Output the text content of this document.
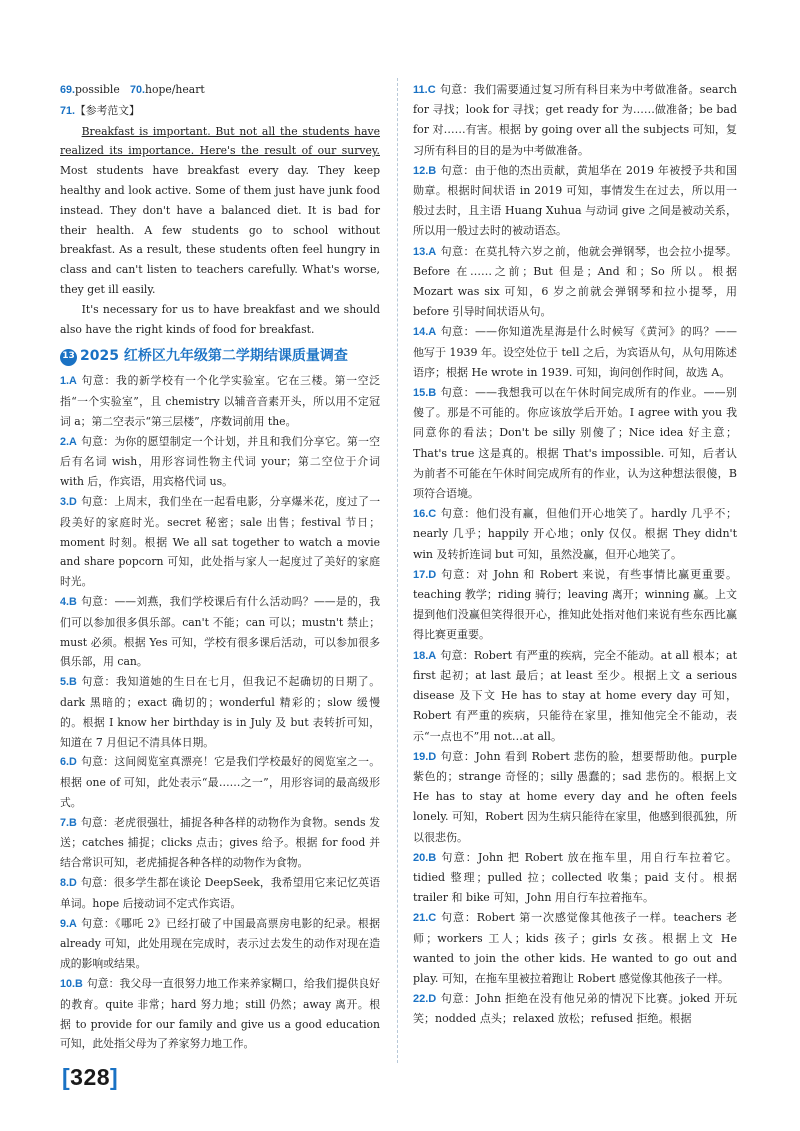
69.possible 70.hope/heart
71.【参考范文】

Breakfast is important. But not all the students have realized its importance. Here's the result of our survey. Most students have breakfast every day. They keep healthy and look active. Some of them just have junk food instead. They don't have a balanced diet. It is bad for their health. A few students go to school without breakfast. As a result, these students often feel hungry in class and can't listen to teachers carefully. What's worse, they get ill easily.

It's necessary for us to have breakfast and we should also have the right kinds of food for breakfast.

13 2025 红桥区九年级第二学期结课质量调查
1.A 句意：我的新学校有一个化学实验室。它在三楼。第一空泛指“一个实验室”，且 chemistry 以辅音音素开头，所以用不定冠词 a；第二空表示“第三层楼”，序数词前用 the。
2.A 句意：为你的愿望制定一个计划，并且和我们分享它。第一空后有名词 wish，用形容词性物主代词 your；第二空位于介词 with 后，作宾语，用宾格代词 us。
3.D 句意：上周末，我们坐在一起看电影，分享爆米花，度过了一段美好的家庭时光。secret 秘密；sale 出售；festival 节日；moment 时刻。根据 We all sat together to watch a movie and share popcorn 可知，此处指与家人一起度过了美好的家庭时光。
4.B 句意：——刘燕，我们学校课后有什么活动吗？——是的，我们可以参加很多俱乐部。can't 不能；can 可以；mustn't 禁止；must 必须。根据 Yes 可知，学校有很多课后活动，可以参加很多俱乐部，用 can。
5.B 句意：我知道她的生日在七月，但我记不起确切的日期了。dark 黑暗的；exact 确切的；wonderful 精彩的；slow 缓慢的。根据 I know her birthday is in July 及 but 表转折可知，知道在 7 月但记不清具体日期。
6.D 句意：这间阅览室真漂亮！它是我们学校最好的阅览室之一。根据 one of 可知，此处表示“最……之一”，用形容词的最高级形式。
7.B 句意：老虎很强壮，捕捉各种各样的动物作为食物。sends 发送；catches 捕捉；clicks 点击；gives 给予。根据 for food 并结合常识可知，老虎捕捉各种各样的动物作为食物。
8.D 句意：很多学生都在谈论 DeepSeek，我希望用它来记忆英语单词。hope 后接动词不定式作宾语。
9.A 句意：《哪吒 2》已经打破了中国最高票房电影的纪录。根据 already 可知，此处用现在完成时，表示过去发生的动作对现在造成的影响或结果。
10.B 句意：我父母一直很努力地工作来养家糊口，给我们提供良好的教育。quite 非常；hard 努力地；still 仍然；away 离开。根据 to provide for our family and give us a good education 可知，此处指父母为了养家努力地工作。
11.C 句意：我们需要通过复习所有科目来为中考做准备。search for 寻找；look for 寻找；get ready for 为……做准备；be bad for 对……有害。根据 by going over all the subjects 可知，复习所有科目的目的是为中考做准备。
12.B 句意：由于他的杰出贡献，黄旭华在 2019 年被授予共和国勋章。根据时间状语 in 2019 可知，事情发生在过去，所以用一般过去时，且主语 Huang Xuhua 与动词 give 之间是被动关系，所以用一般过去时的被动语态。
13.A 句意：在莫扎特六岁之前，他就会弹钢琴，也会拉小提琴。Before 在……之前；But 但是；And 和；So 所以。根据 Mozart was six 可知，6 岁之前就会弹钢琴和拉小提琴，用 before 引导时间状语从句。
14.A 句意：——你知道冼星海是什么时候写《黄河》的吗？——他写于 1939 年。设空处位于 tell 之后，为宾语从句，从句用陈述语序；根据 He wrote in 1939. 可知，询问创作时间，故选 A。
15.B 句意：——我想我可以在午休时间完成所有的作业。——别傻了。那是不可能的。你应该放学后开始。I agree with you 我同意你的看法；Don't be silly 别傻了；Nice idea 好主意；That's true 这是真的。根据 That's impossible. 可知，后者认为前者不可能在午休时间完成所有的作业，认为这种想法很傻，B 项符合语境。
16.C 句意：他们没有赢，但他们开心地笑了。hardly 几乎不；nearly 几乎；happily 开心地；only 仅仅。根据 They didn't win 及转折连词 but 可知，虽然没赢，但开心地笑了。
17.D 句意：对 John 和 Robert 来说，有些事情比赢更重要。teaching 教学；riding 骑行；leaving 离开；winning 赢。上文提到他们没赢但笑得很开心，推知此处指对他们来说有些东西比赢得比赛更重要。
18.A 句意：Robert 有严重的疾病，完全不能动。at all 根本；at first 起初；at last 最后；at least 至少。根据上文 a serious disease 及下文 He has to stay at home every day 可知，Robert 有严重的疾病，只能待在家里，推知他完全不能动，表示“一点也不”用 not…at all。
19.D 句意：John 看到 Robert 悲伤的脸，想要帮助他。purple 紫色的；strange 奇怪的；silly 愚蠢的；sad 悲伤的。根据上文 He has to stay at home every day and he often feels lonely. 可知，Robert 因为生病只能待在家里，他感到很孤独，所以很悲伤。
20.B 句意：John 把 Robert 放在拖车里，用自行车拉着它。tidied 整理；pulled 拉；collected 收集；paid 支付。根据 trailer 和 bike 可知，John 用自行车拉着拖车。
21.C 句意：Robert 第一次感觉像其他孩子一样。teachers 老师；workers 工人；kids 孩子；girls 女孩。根据上文 He wanted to join the other kids. He wanted to go out and play. 可知，在拖车里被拉着跑让 Robert 感觉像其他孩子一样。
22.D 句意：John 拒绝在没有他兄弟的情况下比赛。joked 开玩笑；nodded 点头；relaxed 放松；refused 拒绝。根据
[328]
